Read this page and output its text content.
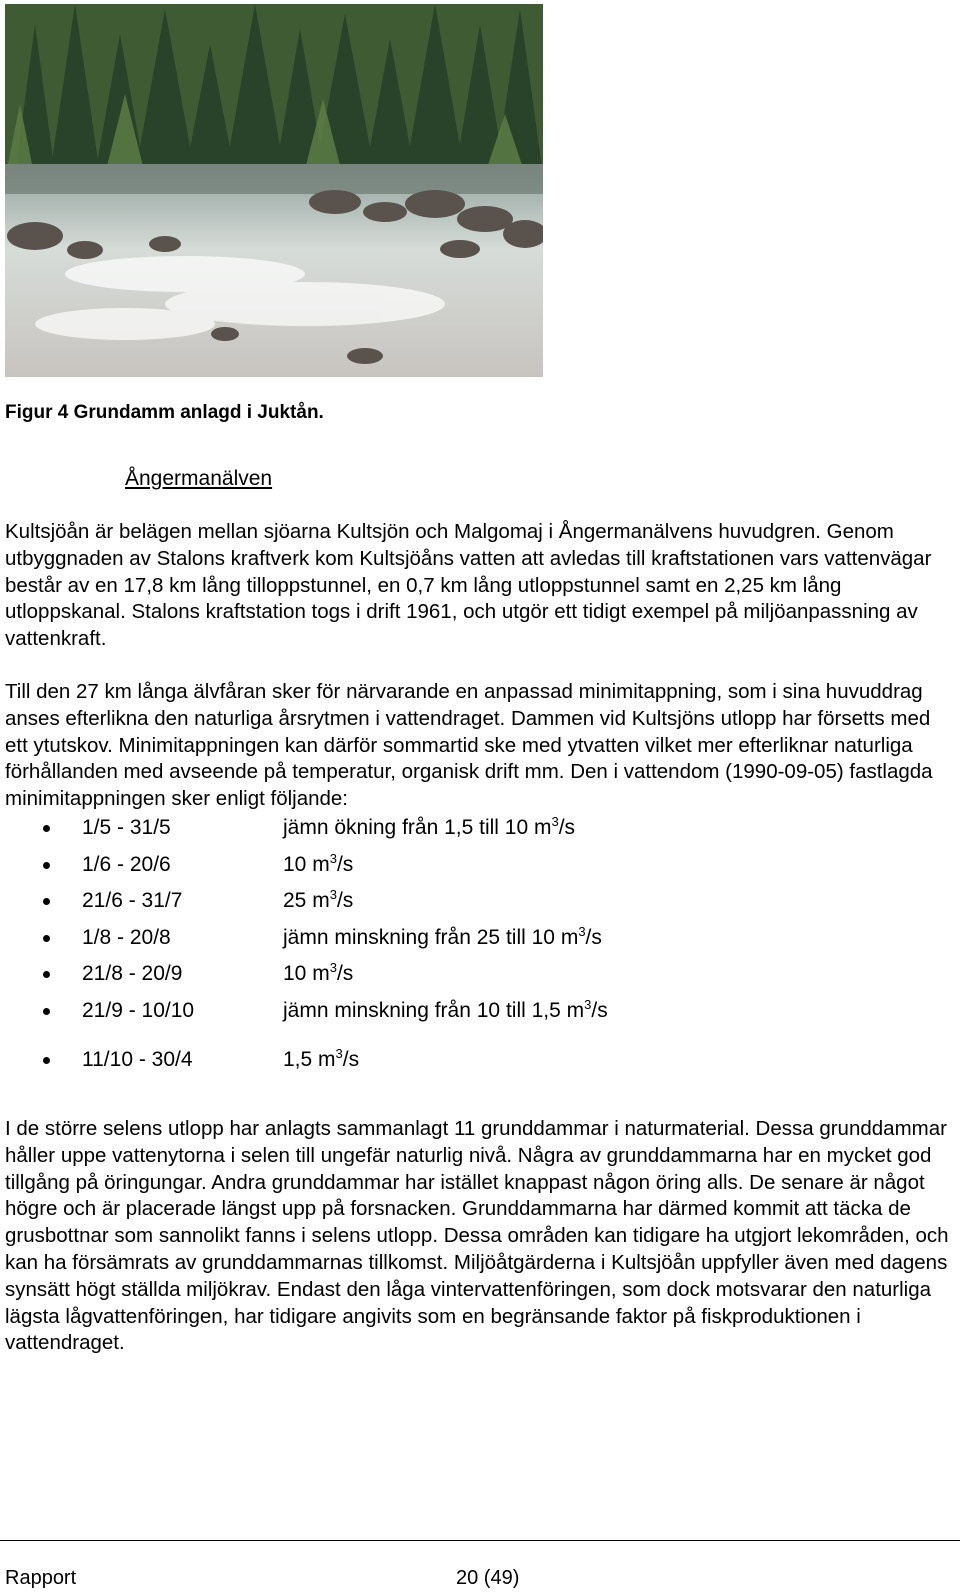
Figur 4 Grundamm anlagd i Juktån.
Ångermanälven

Kultsjöån är belägen mellan sjöarna Kultsjön och Malgomaj i Ångermanälvens huvudgren. Genom utbyggnaden av Stalons kraftverk kom Kultsjöåns vatten att avledas till kraftstationen vars vattenvägar består av en 17,8 km lång tilloppstunnel, en 0,7 km lång utloppstunnel samt en 2,25 km lång utloppskanal. Stalons kraftstation togs i drift 1961, och utgör ett tidigt exempel på miljöanpassning av vattenkraft.

Till den 27 km långa älvfåran sker för närvarande en anpassad minimitappning, som i sina huvuddrag anses efterlikna den naturliga årsrytmen i vattendraget. Dammen vid Kultsjöns utlopp har försetts med ett ytutskov. Minimitappningen kan därför sommartid ske med ytvatten vilket mer efterliknar naturliga förhållanden med avseende på temperatur, organisk drift mm. Den i vattendom (1990-09-05) fastlagda minimitappningen sker enligt följande:

1/5 - 31/5	jämn ökning från 1,5 till 10 $m^3/s$
1/6 - 20/6	10 $m^3/s$
21/6 - 31/7	25 $m^3/s$
1/8 - 20/8	jämn minskning från 25 till 10 $m^3/s$
21/8 - 20/9	10 $m^3/s$
21/9 - 10/10	jämn minskning från 10 till 1,5 $m^3/s$
11/10 - 30/4	1,5 $m^3/s$

I de större selens utlopp har anlagts sammanlagt 11 grunddammar i naturmaterial. Dessa grunddammar håller uppe vattenytorna i selen till ungefär naturlig nivå. Några av grunddammarna har en mycket god tillgång på öringungar. Andra grunddammar har istället knappast någon öring alls. De senare är något högre och är placerade längst upp på forsnacken. Grunddammarna har därmed kommit att täcka de grusbottnar som sannolikt fanns i selens utlopp. Dessa områden kan tidigare ha utgjort lekområden, och kan ha försämrats av grunddammarnas tillkomst. Miljöåtgärderna i Kultsjöån uppfyller även med dagens synsätt högt ställda miljökrav. Endast den låga vintervattenföringen, som dock motsvarar den naturliga lägsta lågvattenföringen, har tidigare angivits som en begränsande faktor på fiskproduktionen i vattendraget.

Rapport	20 (49)
